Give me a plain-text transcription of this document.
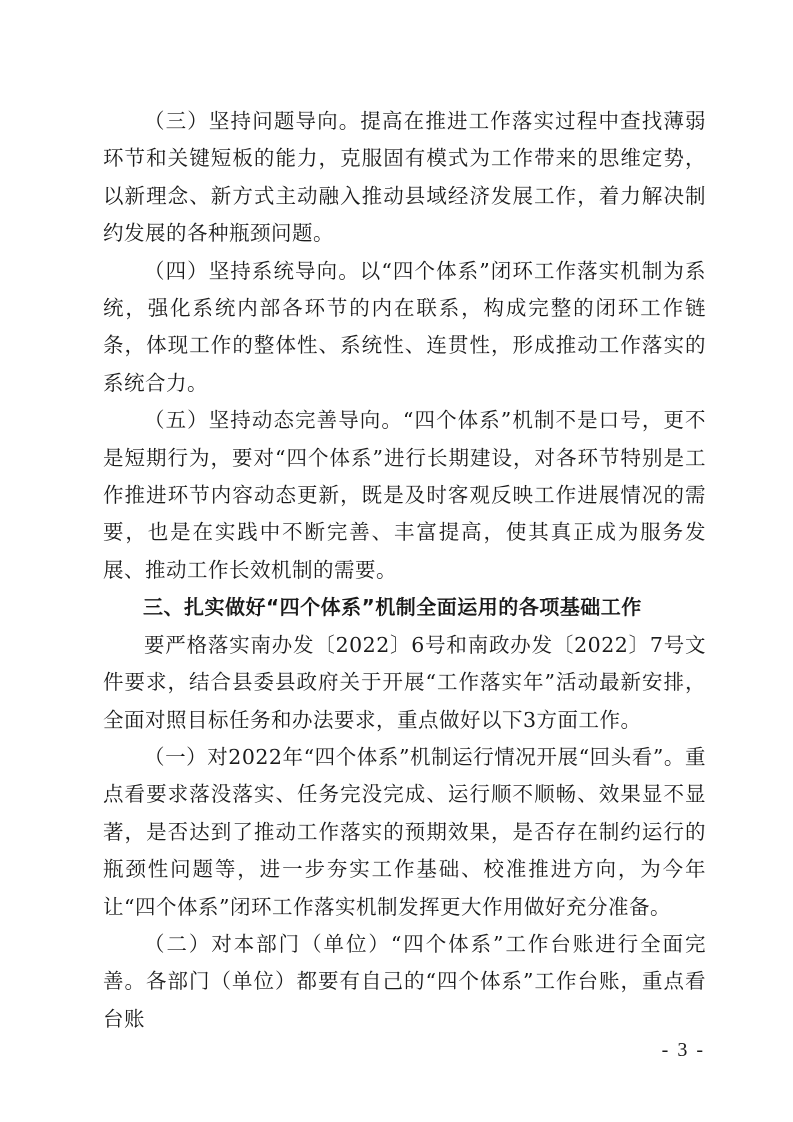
（三）坚持问题导向。提高在推进工作落实过程中查找薄弱环节和关键短板的能力，克服固有模式为工作带来的思维定势，以新理念、新方式主动融入推动县域经济发展工作，着力解决制约发展的各种瓶颈问题。

（四）坚持系统导向。以“四个体系”闭环工作落实机制为系统，强化系统内部各环节的内在联系，构成完整的闭环工作链条，体现工作的整体性、系统性、连贯性，形成推动工作落实的系统合力。

（五）坚持动态完善导向。“四个体系”机制不是口号，更不是短期行为，要对“四个体系”进行长期建设，对各环节特别是工作推进环节内容动态更新，既是及时客观反映工作进展情况的需要，也是在实践中不断完善、丰富提高，使其真正成为服务发展、推动工作长效机制的需要。

三、扎实做好“四个体系”机制全面运用的各项基础工作

要严格落实南办发〔2022〕6号和南政办发〔2022〕7号文件要求，结合县委县政府关于开展“工作落实年”活动最新安排，全面对照目标任务和办法要求，重点做好以下3方面工作。

（一）对2022年“四个体系”机制运行情况开展“回头看”。重点看要求落没落实、任务完没完成、运行顺不顺畅、效果显不显著，是否达到了推动工作落实的预期效果，是否存在制约运行的瓶颈性问题等，进一步夯实工作基础、校准推进方向，为今年让“四个体系”闭环工作落实机制发挥更大作用做好充分准备。

（二）对本部门（单位）“四个体系”工作台账进行全面完善。各部门（单位）都要有自己的“四个体系”工作台账，重点看台账

- 3 -
